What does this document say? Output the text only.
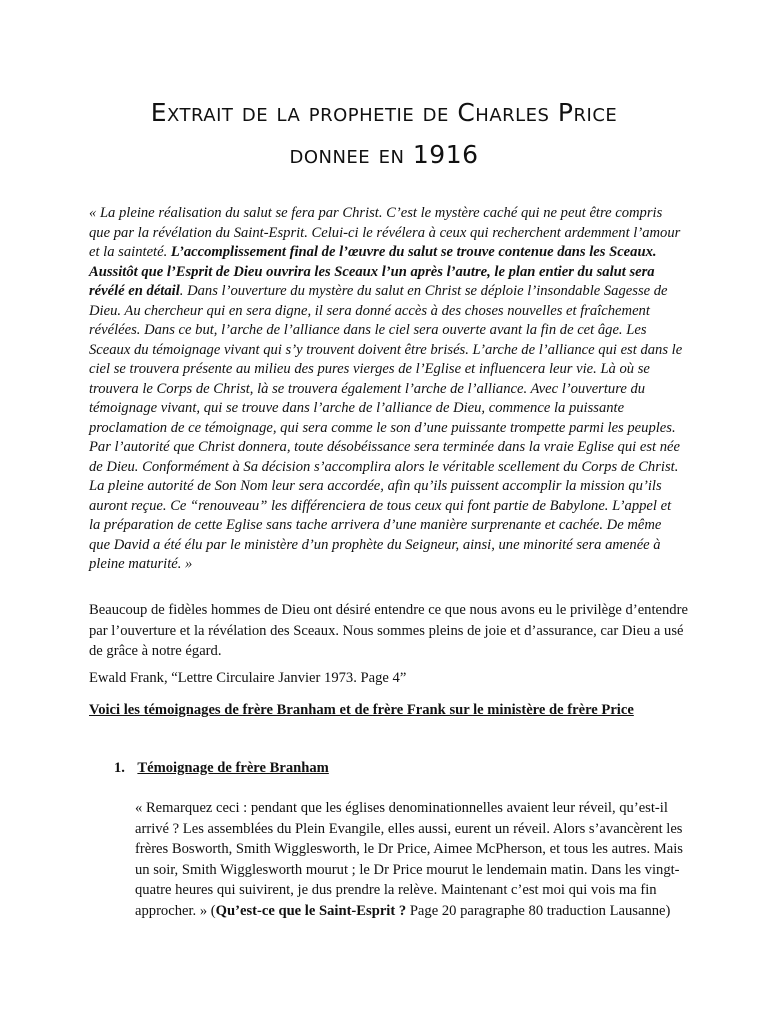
Extrait de la prophetie de Charles Price
donnee en 1916

« La pleine réalisation du salut se fera par Christ. C’est le mystère caché qui ne peut être compris que par la révélation du Saint-Esprit. Celui-ci le révélera à ceux qui recherchent ardemment l’amour et la sainteté. L’accomplissement final de l’œuvre du salut se trouve contenue dans les Sceaux. Aussitôt que l’Esprit de Dieu ouvrira les Sceaux l’un après l’autre, le plan entier du salut sera révélé en détail. Dans l’ouverture du mystère du salut en Christ se déploie l’insondable Sagesse de Dieu. Au chercheur qui en sera digne, il sera donné accès à des choses nouvelles et fraîchement révélées. Dans ce but, l’arche de l’alliance dans le ciel sera ouverte avant la fin de cet âge. Les Sceaux du témoignage vivant qui s’y trouvent doivent être brisés. L’arche de l’alliance qui est dans le ciel se trouvera présente au milieu des pures vierges de l’Eglise et influencera leur vie. Là où se trouvera le Corps de Christ, là se trouvera également l’arche de l’alliance. Avec l’ouverture du témoignage vivant, qui se trouve dans l’arche de l’alliance de Dieu, commence la puissante proclamation de ce témoignage, qui sera comme le son d’une puissante trompette parmi les peuples. Par l’autorité que Christ donnera, toute désobéissance sera terminée dans la vraie Eglise qui est née de Dieu. Conformément à Sa décision s’accomplira alors le véritable scellement du Corps de Christ. La pleine autorité de Son Nom leur sera accordée, afin qu’ils puissent accomplir la mission qu’ils auront reçue. Ce “renouveau” les différenciera de tous ceux qui font partie de Babylone. L’appel et la préparation de cette Eglise sans tache arrivera d’une manière surprenante et cachée. De même que David a été élu par le ministère d’un prophète du Seigneur, ainsi, une minorité sera amenée à pleine maturité. »

Beaucoup de fidèles hommes de Dieu ont désiré entendre ce que nous avons eu le privilège d’entendre par l’ouverture et la révélation des Sceaux. Nous sommes pleins de joie et d’assurance, car Dieu a usé de grâce à notre égard.

Ewald Frank, “Lettre Circulaire Janvier 1973. Page 4”

Voici les témoignages de frère Branham et de frère Frank sur le ministère de frère Price

1. Témoignage de frère Branham

« Remarquez ceci : pendant que les églises denominationnelles avaient leur réveil, qu’est-il arrivé ? Les assemblées du Plein Evangile, elles aussi, eurent un réveil. Alors s’avancèrent les frères Bosworth, Smith Wigglesworth, le Dr Price, Aimee McPherson, et tous les autres. Mais un soir, Smith Wigglesworth mourut ; le Dr Price mourut le lendemain matin. Dans les vingt-quatre heures qui suivirent, je dus prendre la relève. Maintenant c’est moi qui vois ma fin approcher. » (Qu’est-ce que le Saint-Esprit ? Page 20 paragraphe 80 traduction Lausanne)
